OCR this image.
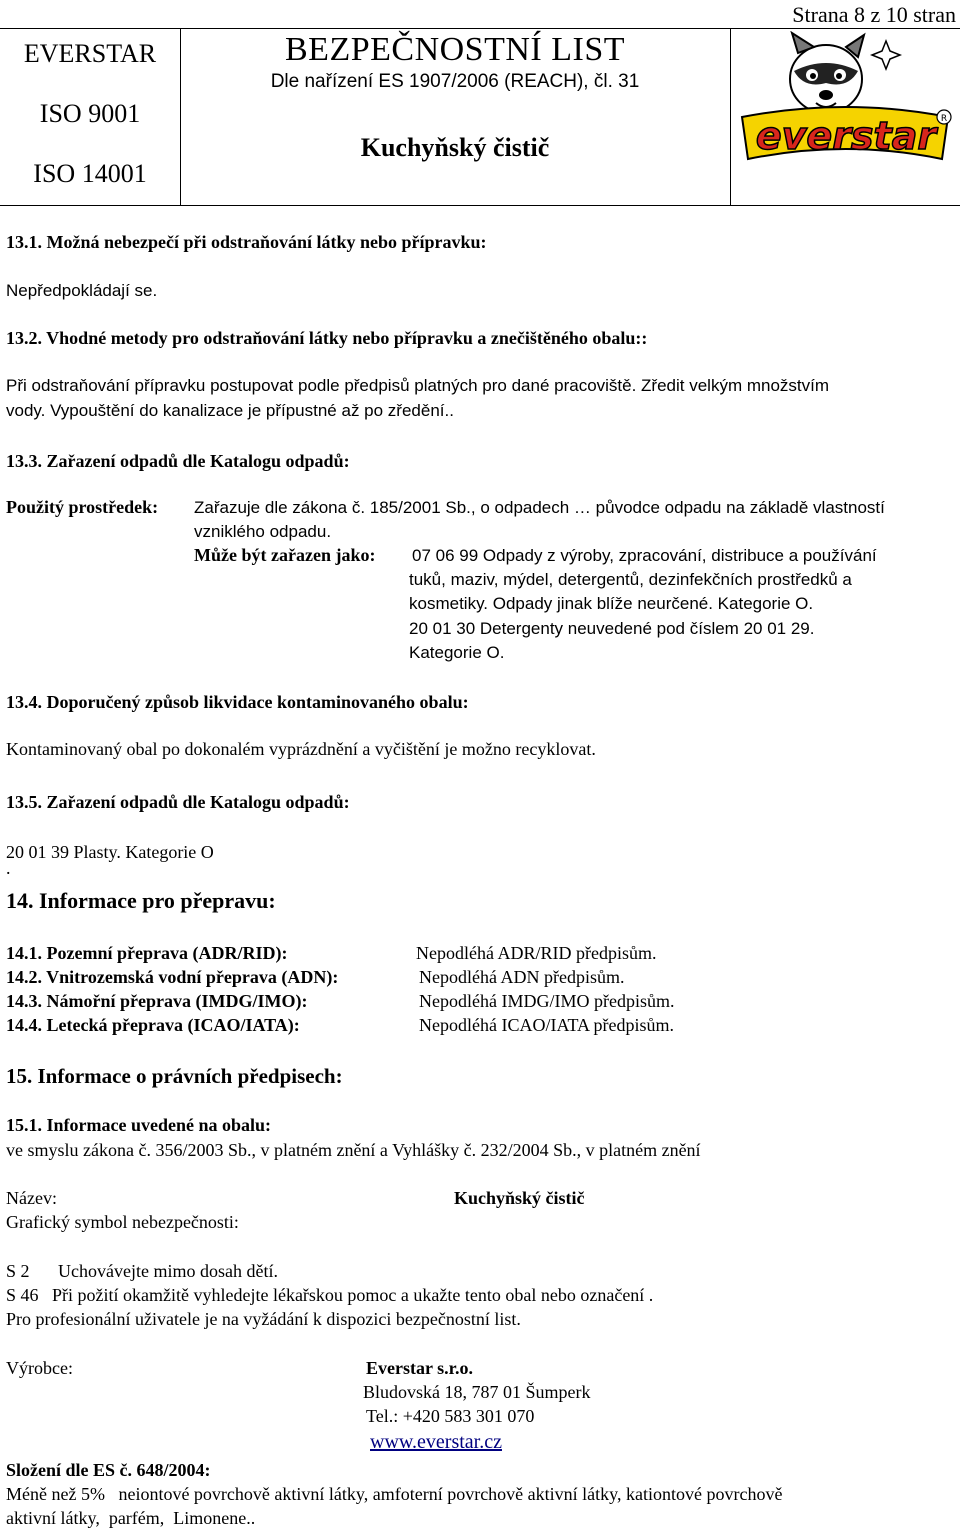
Strana 8 z 10 stran
EVERSTAR
ISO 9001
ISO 14001
BEZPEČNOSTNÍ LIST
Dle nařízení ES 1907/2006 (REACH), čl. 31
Kuchyňský čistič	everstar R
13.1. Možná nebezpečí při odstraňování látky nebo přípravku:
Nepředpokládají se.
13.2. Vhodné metody pro odstraňování látky nebo přípravku a znečištěného obalu::
Při odstraňování přípravku postupovat podle předpisů platných pro dané pracoviště. Zředit velkým množstvím
vody. Vypouštění do kanalizace je přípustné až po zředění..
13.3. Zařazení odpadů dle Katalogu odpadů:
Použitý prostředek: Zařazuje dle zákona č. 185/2001 Sb., o odpadech … původce odpadu na základě vlastností
vzniklého odpadu.
Může být zařazen jako: 07 06 99 Odpady z výroby, zpracování, distribuce a používání
tuků, maziv, mýdel, detergentů, dezinfekčních prostředků a
kosmetiky. Odpady jinak blíže neurčené. Kategorie O.
20 01 30 Detergenty neuvedené pod číslem 20 01 29.
Kategorie O.
13.4. Doporučený způsob likvidace kontaminovaného obalu:
Kontaminovaný obal po dokonalém vyprázdnění a vyčištění je možno recyklovat.
13.5. Zařazení odpadů dle Katalogu odpadů:
20 01 39 Plasty. Kategorie O
.
14. Informace pro přepravu:
14.1. Pozemní přeprava (ADR/RID):	Nepodléhá ADR/RID předpisům.
14.2. Vnitrozemská vodní přeprava (ADN):	Nepodléhá ADN předpisům.
14.3. Námořní přeprava (IMDG/IMO):	Nepodléhá IMDG/IMO předpisům.
14.4. Letecká přeprava (ICAO/IATA):	Nepodléhá ICAO/IATA předpisům.
15. Informace o právních předpisech:
15.1. Informace uvedené na obalu:
ve smyslu zákona č. 356/2003 Sb., v platném znění a Vyhlášky č. 232/2004 Sb., v platném znění
Název:	Kuchyňský čistič
Grafický symbol nebezpečnosti:
S 2 Uchovávejte mimo dosah dětí.
S 46   Při požití okamžitě vyhledejte lékařskou pomoc a ukažte tento obal nebo označení .
Pro profesionální uživatele je na vyžádání k dispozici bezpečnostní list.
Výrobce:	Everstar s.r.o.
Bludovská 18, 787 01 Šumperk
Tel.: +420 583 301 070
www.everstar.cz
Složení dle ES č. 648/2004:
Méně než 5%   neiontové povrchově aktivní látky, amfoterní povrchově aktivní látky, kationtové povrchově
aktivní látky,  parfém,  Limonene..
